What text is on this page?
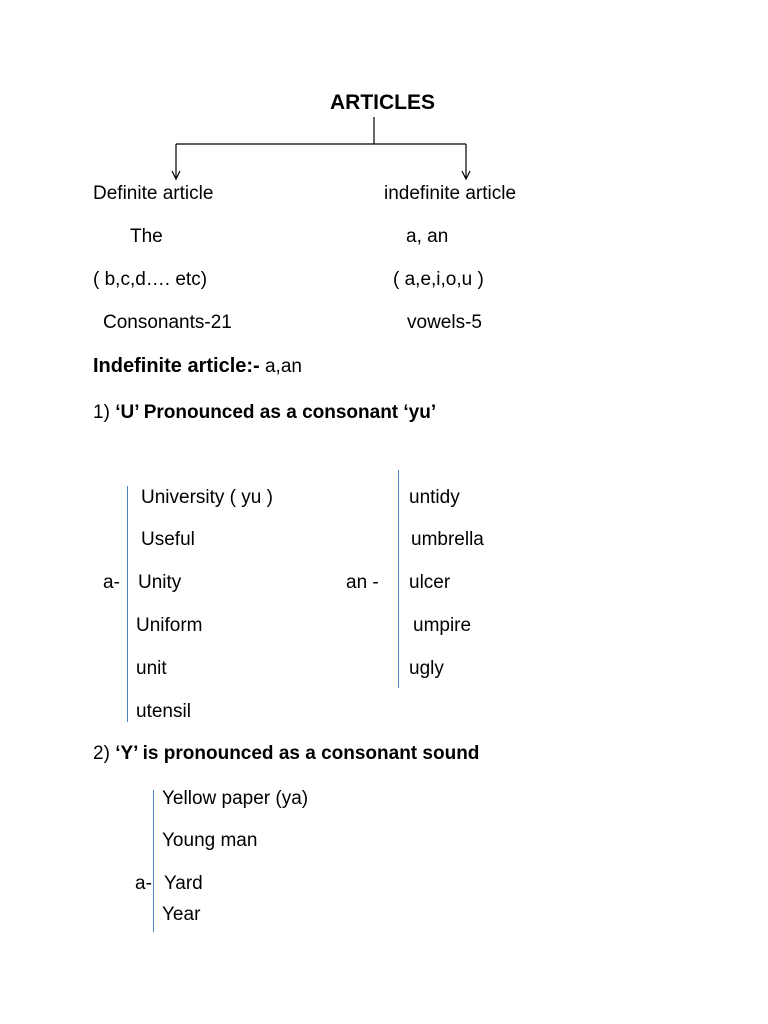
ARTICLES
Definite article	indefinite article
The	a, an
( b,c,d…. etc)	( a,e,i,o,u )
Consonants-21	vowels-5
Indefinite article:- a,an
1) ‘U’ Pronounced as a consonant ‘yu’
a-
University ( yu )
Useful
Unity
Uniform
unit
utensil
an -
untidy
umbrella
ulcer
umpire
ugly
2) ‘Y’ is pronounced as a consonant sound
a-
Yellow paper (ya)
Young man
Yard
Year
